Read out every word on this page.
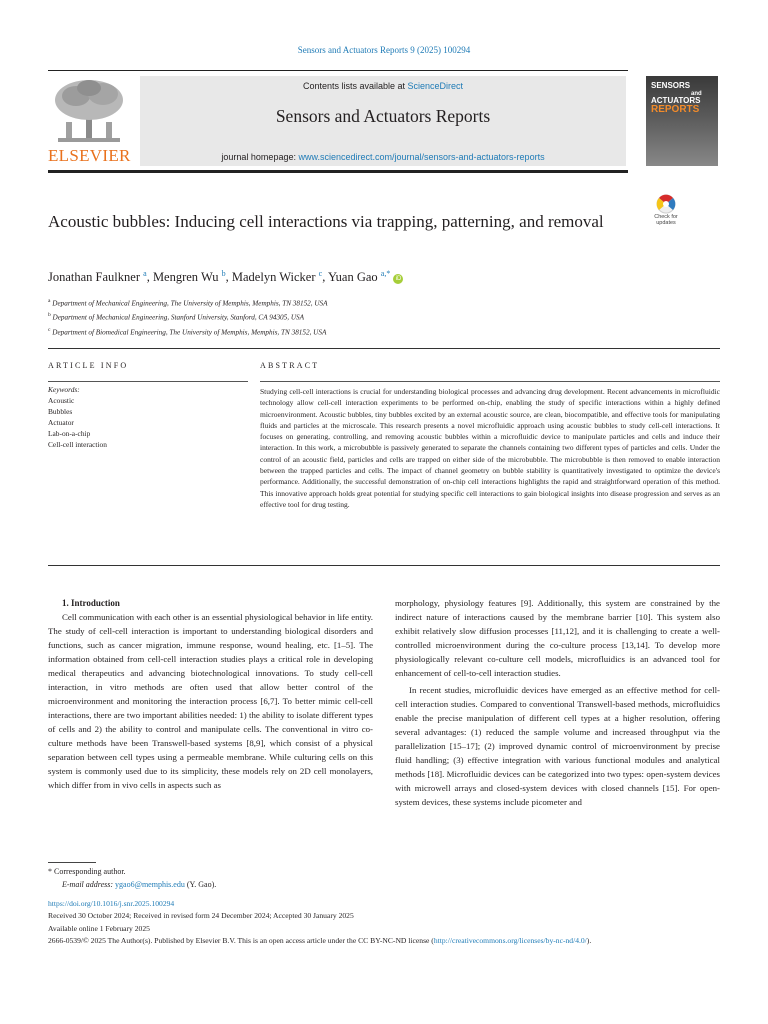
Sensors and Actuators Reports 9 (2025) 100294
ELSEVIER
Contents lists available at ScienceDirect
Sensors and Actuators Reports
journal homepage: www.sciencedirect.com/journal/sensors-and-actuators-reports
SENSORS
and
ACTUATORS
REPORTS
Check for updates
Acoustic bubbles: Inducing cell interactions via trapping, patterning, and removal
Jonathan Faulkner $^a$, Mengren Wu $^b$, Madelyn Wicker $^c$, Yuan Gao $^{a,*}$ iD
$^a$ Department of Mechanical Engineering, The University of Memphis, Memphis, TN 38152, USA
$^b$ Department of Mechanical Engineering, Stanford University, Stanford, CA 94305, USA
$^c$ Department of Biomedical Engineering, The University of Memphis, Memphis, TN 38152, USA
ARTICLE INFO	ABSTRACT
Keywords:
Acoustic
Bubbles
Actuator
Lab-on-a-chip
Cell-cell interaction
Studying cell-cell interactions is crucial for understanding biological processes and advancing drug development. Recent advancements in microfluidic technology allow cell-cell interaction experiments to be performed on-chip, enabling the study of specific interactions within a highly defined microenvironment. Acoustic bubbles, tiny bubbles excited by an external acoustic source, are clean, biocompatible, and effective tools for manipulating fluids and particles at the microscale. This research presents a novel microfluidic approach using acoustic bubbles to study cell-cell interactions. It focuses on generating, controlling, and removing acoustic bubbles within a microfluidic device to manipulate particles and cells and induce their interaction. In this work, a microbubble is passively generated to separate the channels containing two different types of particles and cells. Under the control of an acoustic field, particles and cells are trapped on either side of the microbubble. The microbubble is then removed to enable interaction between the trapped particles and cells. The impact of channel geometry on bubble stability is quantitatively investigated to optimize the device's performance. Additionally, the successful demonstration of on-chip cell interactions highlights the rapid and straightforward operation of this method. This innovative approach holds great potential for studying specific cell interactions to gain biological insights into disease progression and serves as an effective tool for drug testing.

1. Introduction

Cell communication with each other is an essential physiological behavior in life entity. The study of cell-cell interaction is important to understanding biological disorders and functions, such as cancer migration, immune response, wound healing, etc. [1–5]. The information obtained from cell-cell interaction studies plays a critical role in developing medical therapeutics and advancing biotechnological innovations. To study cell-cell interaction, in vitro methods are often used that allow better control of the microenvironment and monitoring the interaction process [6,7]. To better mimic cell-cell interactions, there are two important abilities needed: 1) the ability to isolate different types of cells and 2) the ability to control and manipulate cells. The conventional in vitro co-culture methods have been Transwell-based systems [8,9], which consist of a physical separation between cell types using a permeable membrane. While culturing cells on this system is commonly used due to its simplicity, these models rely on 2D cell monolayers, which differ from in vivo cells in aspects such as

morphology, physiology features [9]. Additionally, this system are constrained by the indirect nature of interactions caused by the membrane barrier [10]. This system also exhibit relatively slow diffusion processes [11,12], and it is challenging to create a well-controlled microenvironment during the co-culture process [13,14]. To develop more physiologically relevant co-culture cell models, microfluidics is an advanced tool for enhancement of cell-to-cell interaction studies.

In recent studies, microfluidic devices have emerged as an effective method for cell-cell interaction studies. Compared to conventional Transwell-based methods, microfluidics enable the precise manipulation of different cell types at a higher resolution, offering several advantages: (1) reduced the sample volume and increased throughput via the parallelization [15–17]; (2) improved dynamic control of microenvironment by precise fluid handling; (3) effective integration with various functional modules and analytical methods [18]. Microfluidic devices can be categorized into two types: open-system devices with microwell arrays and closed-system devices with closed channels [15]. For open-system devices, these systems include picometer and

* Corresponding author.
E-mail address: ygao6@memphis.edu (Y. Gao).
https://doi.org/10.1016/j.snr.2025.100294
Received 30 October 2024; Received in revised form 24 December 2024; Accepted 30 January 2025
Available online 1 February 2025
2666-0539/© 2025 The Author(s). Published by Elsevier B.V. This is an open access article under the CC BY-NC-ND license (http://creativecommons.org/licenses/by-nc-nd/4.0/).
